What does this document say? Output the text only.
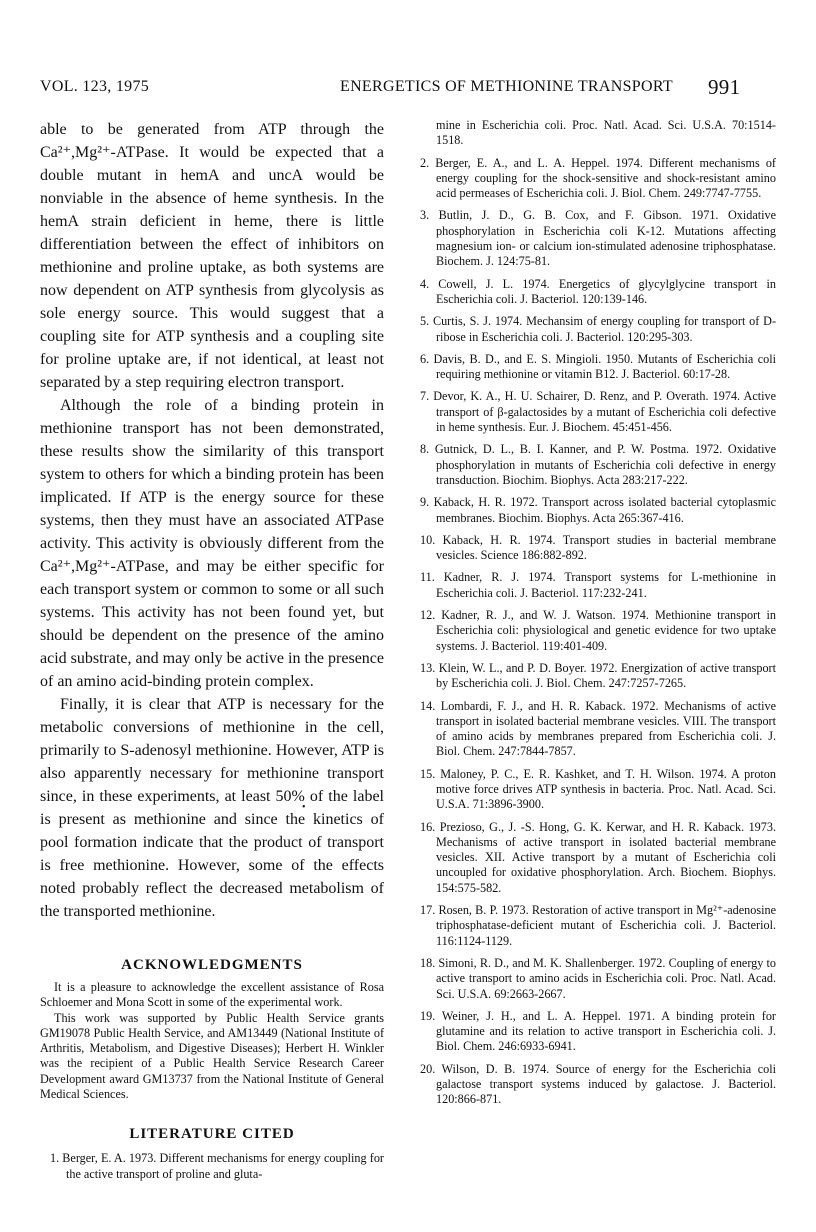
VOL. 123, 1975	ENERGETICS OF METHIONINE TRANSPORT 991

able to be generated from ATP through the Ca²⁺,Mg²⁺-ATPase. It would be expected that a double mutant in hemA and uncA would be nonviable in the absence of heme synthesis. In the hemA strain deficient in heme, there is little differentiation between the effect of inhibitors on methionine and proline uptake, as both systems are now dependent on ATP synthesis from glycolysis as sole energy source. This would suggest that a coupling site for ATP synthesis and a coupling site for proline uptake are, if not identical, at least not separated by a step requiring electron transport.

Although the role of a binding protein in methionine transport has not been demonstrated, these results show the similarity of this transport system to others for which a binding protein has been implicated. If ATP is the energy source for these systems, then they must have an associated ATPase activity. This activity is obviously different from the Ca²⁺,Mg²⁺-ATPase, and may be either specific for each transport system or common to some or all such systems. This activity has not been found yet, but should be dependent on the presence of the amino acid substrate, and may only be active in the presence of an amino acid-binding protein complex.

Finally, it is clear that ATP is necessary for the metabolic conversions of methionine in the cell, primarily to S-adenosyl methionine. However, ATP is also apparently necessary for methionine transport since, in these experiments, at least 50% of the label is present as methionine and since the kinetics of pool formation indicate that the product of transport is free methionine. However, some of the effects noted probably reflect the decreased metabolism of the transported methionine.

ACKNOWLEDGMENTS

It is a pleasure to acknowledge the excellent assistance of Rosa Schloemer and Mona Scott in some of the experimental work.

This work was supported by Public Health Service grants GM19078 Public Health Service, and AM13449 (National Institute of Arthritis, Metabolism, and Digestive Diseases); Herbert H. Winkler was the recipient of a Public Health Service Research Career Development award GM13737 from the National Institute of General Medical Sciences.

LITERATURE CITED

1. Berger, E. A. 1973. Different mechanisms for energy coupling for the active transport of proline and gluta-

•

mine in Escherichia coli. Proc. Natl. Acad. Sci. U.S.A. 70:1514-1518.

2. Berger, E. A., and L. A. Heppel. 1974. Different mechanisms of energy coupling for the shock-sensitive and shock-resistant amino acid permeases of Escherichia coli. J. Biol. Chem. 249:7747-7755.

3. Butlin, J. D., G. B. Cox, and F. Gibson. 1971. Oxidative phosphorylation in Escherichia coli K-12. Mutations affecting magnesium ion- or calcium ion-stimulated adenosine triphosphatase. Biochem. J. 124:75-81.

4. Cowell, J. L. 1974. Energetics of glycylglycine transport in Escherichia coli. J. Bacteriol. 120:139-146.

5. Curtis, S. J. 1974. Mechansim of energy coupling for transport of D-ribose in Escherichia coli. J. Bacteriol. 120:295-303.

6. Davis, B. D., and E. S. Mingioli. 1950. Mutants of Escherichia coli requiring methionine or vitamin B12. J. Bacteriol. 60:17-28.

7. Devor, K. A., H. U. Schairer, D. Renz, and P. Overath. 1974. Active transport of β-galactosides by a mutant of Escherichia coli defective in heme synthesis. Eur. J. Biochem. 45:451-456.

8. Gutnick, D. L., B. I. Kanner, and P. W. Postma. 1972. Oxidative phosphorylation in mutants of Escherichia coli defective in energy transduction. Biochim. Biophys. Acta 283:217-222.

9. Kaback, H. R. 1972. Transport across isolated bacterial cytoplasmic membranes. Biochim. Biophys. Acta 265:367-416.

10. Kaback, H. R. 1974. Transport studies in bacterial membrane vesicles. Science 186:882-892.

11. Kadner, R. J. 1974. Transport systems for L-methionine in Escherichia coli. J. Bacteriol. 117:232-241.

12. Kadner, R. J., and W. J. Watson. 1974. Methionine transport in Escherichia coli: physiological and genetic evidence for two uptake systems. J. Bacteriol. 119:401-409.

13. Klein, W. L., and P. D. Boyer. 1972. Energization of active transport by Escherichia coli. J. Biol. Chem. 247:7257-7265.

14. Lombardi, F. J., and H. R. Kaback. 1972. Mechanisms of active transport in isolated bacterial membrane vesicles. VIII. The transport of amino acids by membranes prepared from Escherichia coli. J. Biol. Chem. 247:7844-7857.

15. Maloney, P. C., E. R. Kashket, and T. H. Wilson. 1974. A proton motive force drives ATP synthesis in bacteria. Proc. Natl. Acad. Sci. U.S.A. 71:3896-3900.

16. Prezioso, G., J. -S. Hong, G. K. Kerwar, and H. R. Kaback. 1973. Mechanisms of active transport in isolated bacterial membrane vesicles. XII. Active transport by a mutant of Escherichia coli uncoupled for oxidative phosphorylation. Arch. Biochem. Biophys. 154:575-582.

17. Rosen, B. P. 1973. Restoration of active transport in Mg²⁺-adenosine triphosphatase-deficient mutant of Escherichia coli. J. Bacteriol. 116:1124-1129.

18. Simoni, R. D., and M. K. Shallenberger. 1972. Coupling of energy to active transport to amino acids in Escherichia coli. Proc. Natl. Acad. Sci. U.S.A. 69:2663-2667.

19. Weiner, J. H., and L. A. Heppel. 1971. A binding protein for glutamine and its relation to active transport in Escherichia coli. J. Biol. Chem. 246:6933-6941.

20. Wilson, D. B. 1974. Source of energy for the Escherichia coli galactose transport systems induced by galactose. J. Bacteriol. 120:866-871.
